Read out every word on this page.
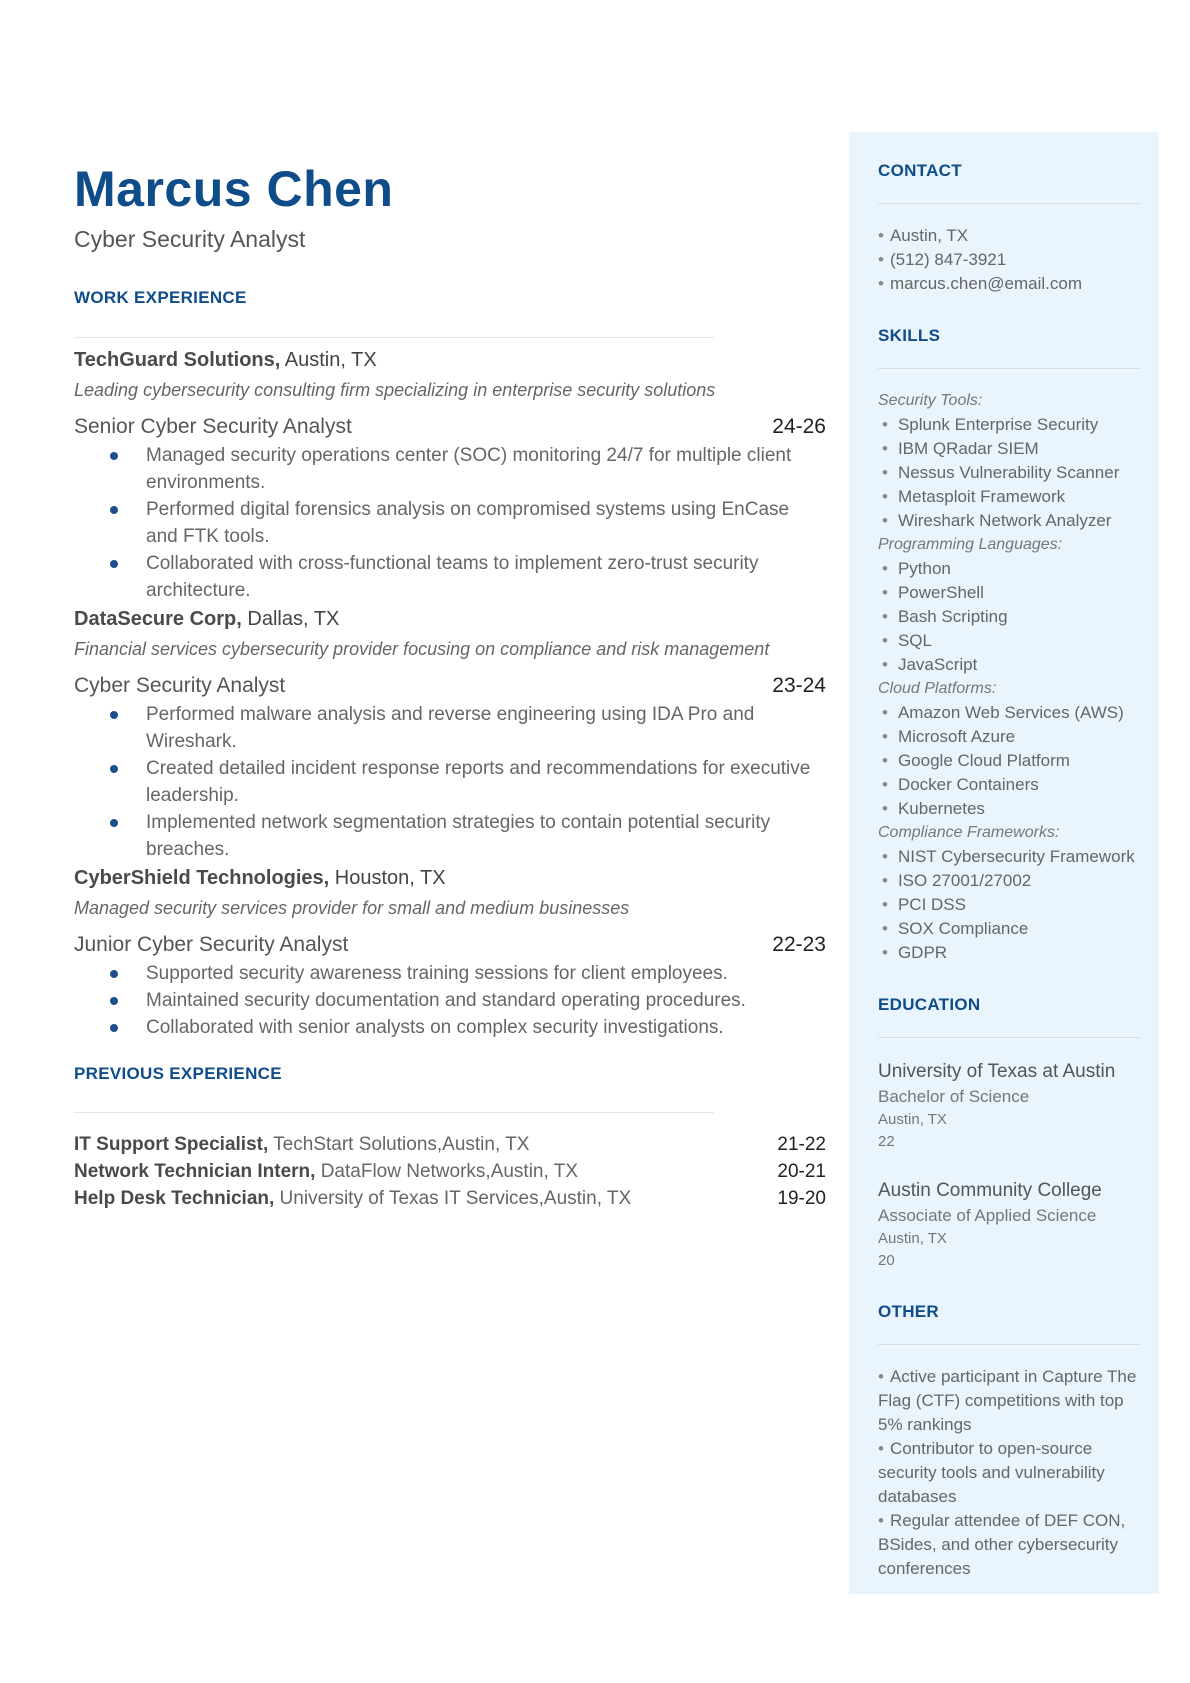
Marcus Chen
Cyber Security Analyst
WORK EXPERIENCE
TechGuard Solutions, Austin, TX
Leading cybersecurity consulting firm specializing in enterprise security solutions
Senior Cyber Security Analyst	24-26
Managed security operations center (SOC) monitoring 24/7 for multiple client environments.
Performed digital forensics analysis on compromised systems using EnCase and FTK tools.
Collaborated with cross-functional teams to implement zero-trust security architecture.
DataSecure Corp, Dallas, TX
Financial services cybersecurity provider focusing on compliance and risk management
Cyber Security Analyst	23-24
Performed malware analysis and reverse engineering using IDA Pro and Wireshark.
Created detailed incident response reports and recommendations for executive leadership.
Implemented network segmentation strategies to contain potential security breaches.
CyberShield Technologies, Houston, TX
Managed security services provider for small and medium businesses
Junior Cyber Security Analyst	22-23
Supported security awareness training sessions for client employees.
Maintained security documentation and standard operating procedures.
Collaborated with senior analysts on complex security investigations.
PREVIOUS EXPERIENCE
IT Support Specialist, TechStart Solutions,Austin, TX	21-22
Network Technician Intern, DataFlow Networks,Austin, TX	20-21
Help Desk Technician, University of Texas IT Services,Austin, TX	19-20
CONTACT
• Austin, TX
• (512) 847-3921
• marcus.chen@email.com
SKILLS
Security Tools:
• Splunk Enterprise Security
• IBM QRadar SIEM
• Nessus Vulnerability Scanner
• Metasploit Framework
• Wireshark Network Analyzer
Programming Languages:
• Python
• PowerShell
• Bash Scripting
• SQL
• JavaScript
Cloud Platforms:
• Amazon Web Services (AWS)
• Microsoft Azure
• Google Cloud Platform
• Docker Containers
• Kubernetes
Compliance Frameworks:
• NIST Cybersecurity Framework
• ISO 27001/27002
• PCI DSS
• SOX Compliance
• GDPR
EDUCATION
University of Texas at Austin
Bachelor of Science
Austin, TX
22
Austin Community College
Associate of Applied Science
Austin, TX
20
OTHER
• Active participant in Capture The Flag (CTF) competitions with top 5% rankings
• Contributor to open-source security tools and vulnerability databases
• Regular attendee of DEF CON, BSides, and other cybersecurity conferences
